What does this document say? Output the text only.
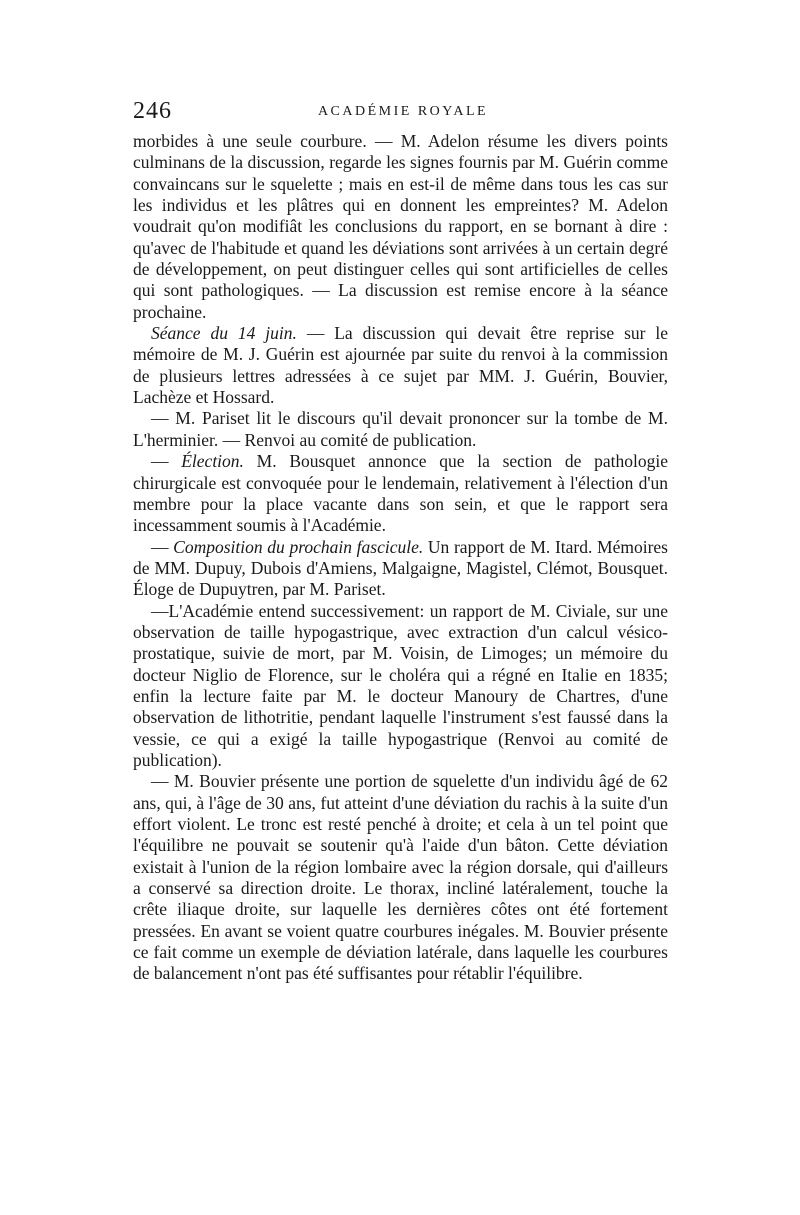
246	ACADÉMIE ROYALE

morbides à une seule courbure. — M. Adelon résume les divers points culminans de la discussion, regarde les signes fournis par M. Guérin comme convaincans sur le squelette ; mais en est-il de même dans tous les cas sur les individus et les plâtres qui en donnent les empreintes? M. Adelon voudrait qu'on modifiât les conclusions du rapport, en se bornant à dire : qu'avec de l'habitude et quand les déviations sont arrivées à un certain degré de développement, on peut distinguer celles qui sont artificielles de celles qui sont pathologiques. — La discussion est remise encore à la séance prochaine.

Séance du 14 juin. — La discussion qui devait être reprise sur le mémoire de M. J. Guérin est ajournée par suite du renvoi à la commission de plusieurs lettres adressées à ce sujet par MM. J. Guérin, Bouvier, Lachèze et Hossard.

— M. Pariset lit le discours qu'il devait prononcer sur la tombe de M. L'herminier. — Renvoi au comité de publication.

— Élection. M. Bousquet annonce que la section de pathologie chirurgicale est convoquée pour le lendemain, relativement à l'élection d'un membre pour la place vacante dans son sein, et que le rapport sera incessamment soumis à l'Académie.

— Composition du prochain fascicule. Un rapport de M. Itard. Mémoires de MM. Dupuy, Dubois d'Amiens, Malgaigne, Magistel, Clémot, Bousquet. Éloge de Dupuytren, par M. Pariset.

—L'Académie entend successivement: un rapport de M. Civiale, sur une observation de taille hypogastrique, avec extraction d'un calcul vésico-prostatique, suivie de mort, par M. Voisin, de Limoges; un mémoire du docteur Niglio de Florence, sur le choléra qui a régné en Italie en 1835; enfin la lecture faite par M. le docteur Manoury de Chartres, d'une observation de lithotritie, pendant laquelle l'instrument s'est faussé dans la vessie, ce qui a exigé la taille hypogastrique (Renvoi au comité de publication).

— M. Bouvier présente une portion de squelette d'un individu âgé de 62 ans, qui, à l'âge de 30 ans, fut atteint d'une déviation du rachis à la suite d'un effort violent. Le tronc est resté penché à droite; et cela à un tel point que l'équilibre ne pouvait se soutenir qu'à l'aide d'un bâton. Cette déviation existait à l'union de la région lombaire avec la région dorsale, qui d'ailleurs a conservé sa direction droite. Le thorax, incliné latéralement, touche la crête iliaque droite, sur laquelle les dernières côtes ont été fortement pressées. En avant se voient quatre courbures inégales. M. Bouvier présente ce fait comme un exemple de déviation latérale, dans laquelle les courbures de balancement n'ont pas été suffisantes pour rétablir l'équilibre.
